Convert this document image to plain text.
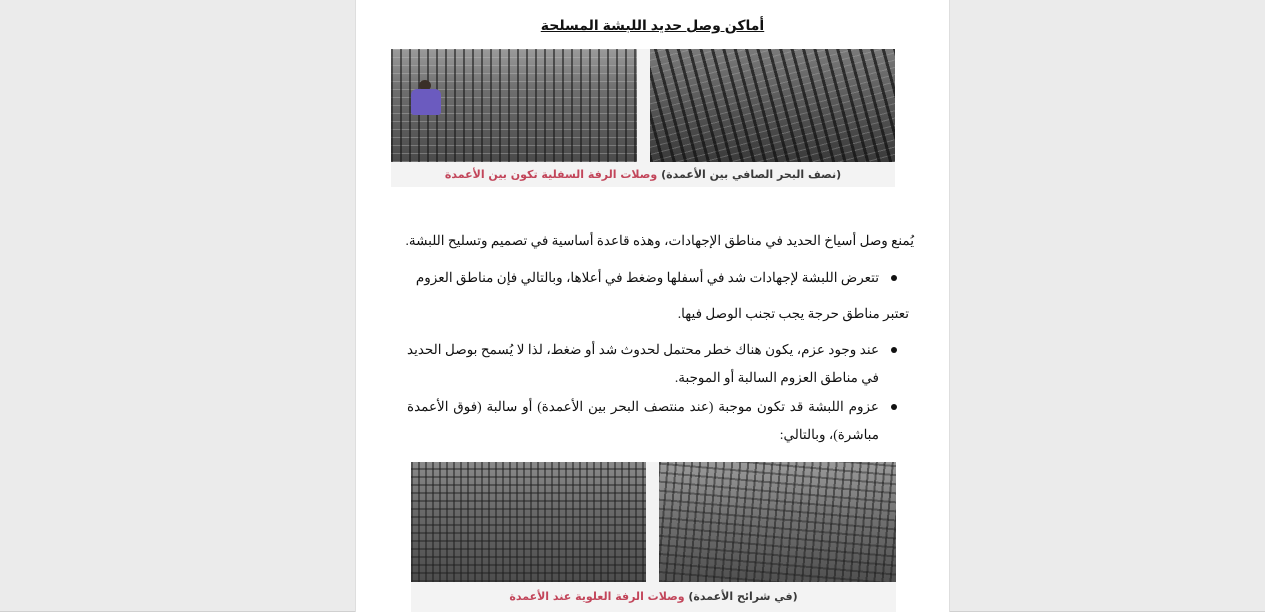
أماكن وصل حديد اللبشة المسلحة
(نصف البحر الصافي بين الأعمدة) وصلات الرفة السفلية تكون بين الأعمدة
يُمنع وصل أسياخ الحديد في مناطق الإجهادات، وهذه قاعدة أساسية في تصميم وتسليح اللبشة.
تتعرض اللبشة لإجهادات شد في أسفلها وضغط في أعلاها، وبالتالي فإن مناطق العزوم
تعتبر مناطق حرجة يجب تجنب الوصل فيها.
عند وجود عزم، يكون هناك خطر محتمل لحدوث شد أو ضغط، لذا لا يُسمح بوصل الحديد في مناطق العزوم السالبة أو الموجبة.
عزوم اللبشة قد تكون موجبة (عند منتصف البحر بين الأعمدة) أو سالبة (فوق الأعمدة مباشرة)، وبالتالي:
(في شرائح الأعمدة) وصلات الرفة العلوية عند الأعمدة
